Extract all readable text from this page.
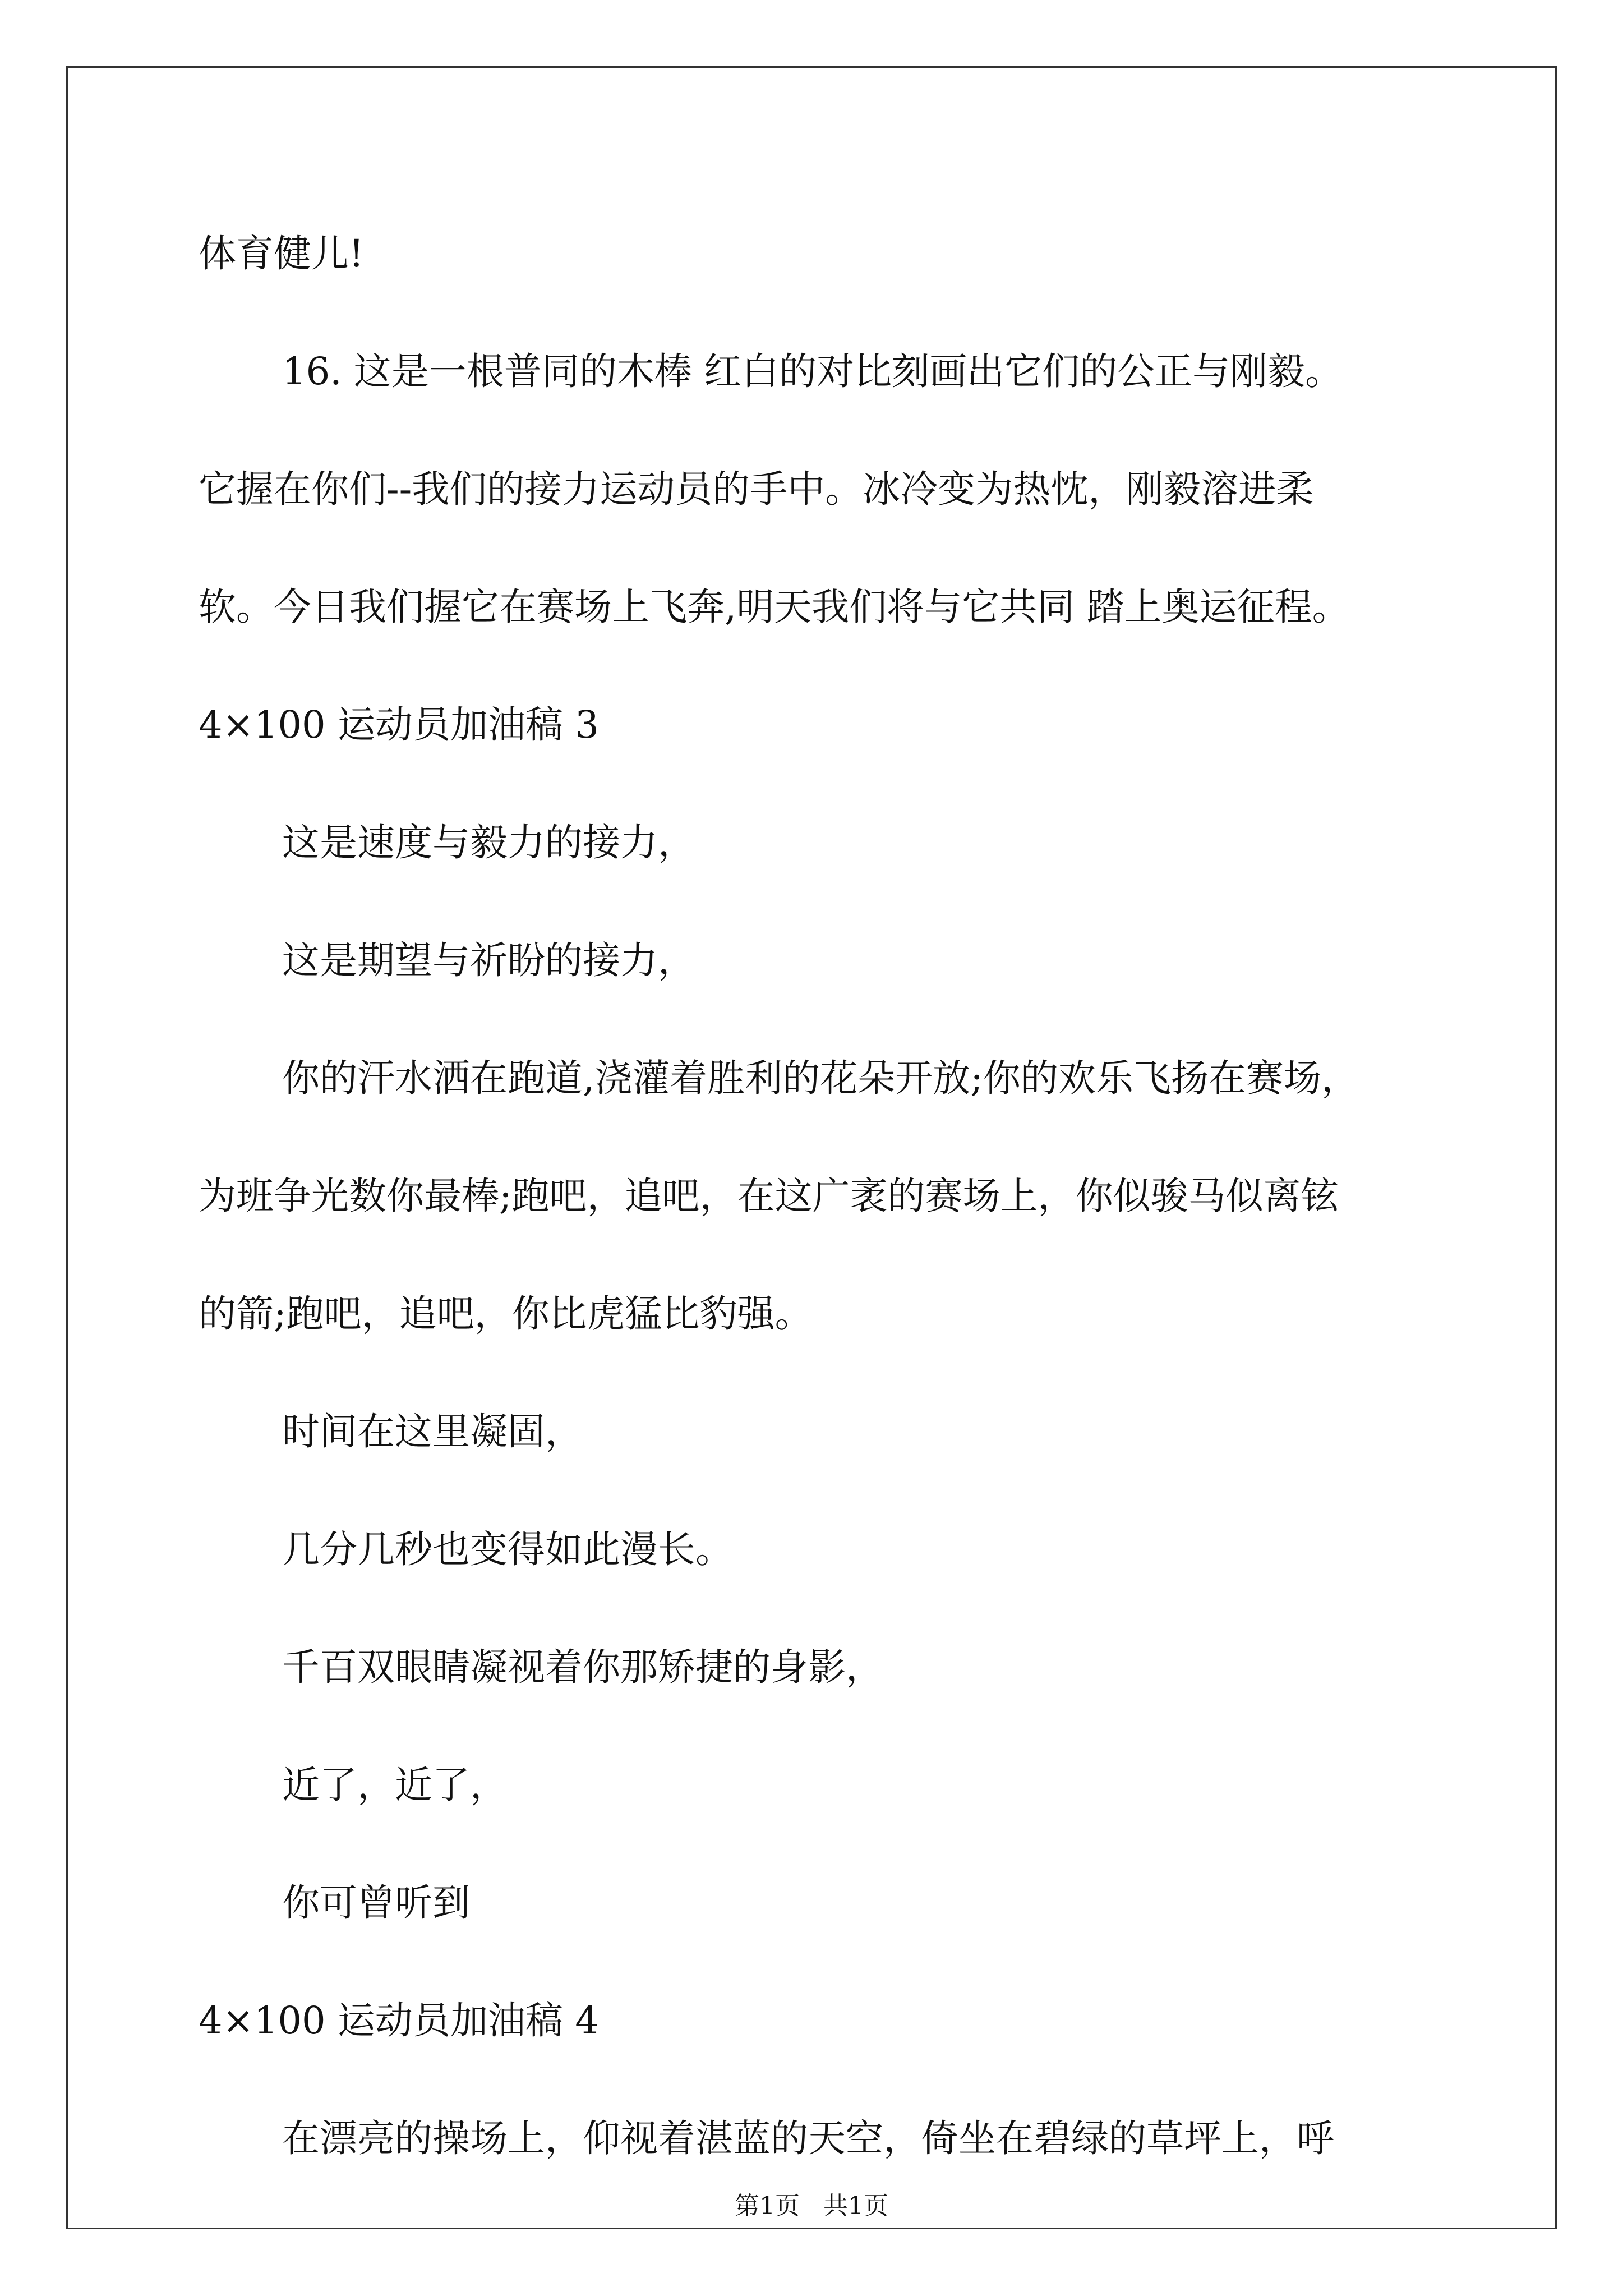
体育健儿!

16. 这是一根普同的木棒 红白的对比刻画出它们的公正与刚毅。

它握在你们--我们的接力运动员的手中。冰冷变为热忱，刚毅溶进柔

软。今日我们握它在赛场上飞奔,明天我们将与它共同 踏上奥运征程。

4×100 运动员加油稿 3

这是速度与毅力的接力，

这是期望与祈盼的接力，

你的汗水洒在跑道,浇灌着胜利的花朵开放;你的欢乐飞扬在赛场，

为班争光数你最棒;跑吧，追吧，在这广袤的赛场上，你似骏马似离铉

的箭;跑吧，追吧，你比虎猛比豹强。

时间在这里凝固，

几分几秒也变得如此漫长。

千百双眼睛凝视着你那矫捷的身影，

近了，近了，

你可曾听到

4×100 运动员加油稿 4

在漂亮的操场上，仰视着湛蓝的天空，倚坐在碧绿的草坪上，呼

第1页   共1页
